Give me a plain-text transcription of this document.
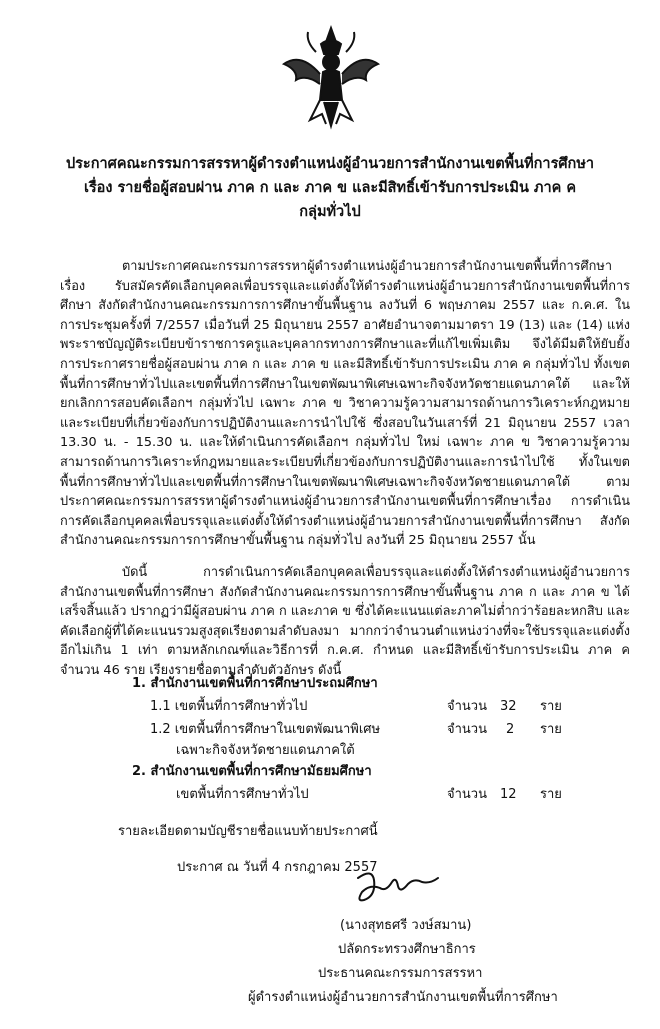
ประกาศคณะกรรมการสรรหาผู้ดำรงตำแหน่งผู้อำนวยการสำนักงานเขตพื้นที่การศึกษา
เรื่อง รายชื่อผู้สอบผ่าน ภาค ก และ ภาค ข และมีสิทธิ์เข้ารับการประเมิน ภาค ค
กลุ่มทั่วไป
ตามประกาศคณะกรรมการสรรหาผู้ดำรงตำแหน่งผู้อำนวยการสำนักงานเขตพื้นที่การศึกษา เรื่อง รับสมัครคัดเลือกบุคคลเพื่อบรรจุและแต่งตั้งให้ดำรงตำแหน่งผู้อำนวยการสำนักงานเขตพื้นที่การศึกษา สังกัดสำนักงานคณะกรรมการการศึกษาขั้นพื้นฐาน ลงวันที่ 6 พฤษภาคม 2557 และ ก.ค.ศ. ในการประชุมครั้งที่ 7/2557 เมื่อวันที่ 25 มิถุนายน 2557 อาศัยอำนาจตามมาตรา 19 (13) และ (14) แห่งพระราชบัญญัติระเบียบข้าราชการครูและบุคลากรทางการศึกษาและที่แก้ไขเพิ่มเติม จึงได้มีมติให้ยับยั้งการประกาศรายชื่อผู้สอบผ่าน ภาค ก และ ภาค ข และมีสิทธิ์เข้ารับการประเมิน ภาค ค กลุ่มทั่วไป ทั้งเขตพื้นที่การศึกษาทั่วไปและเขตพื้นที่การศึกษาในเขตพัฒนาพิเศษเฉพาะกิจจังหวัดชายแดนภาคใต้ และให้ยกเลิกการสอบคัดเลือกฯ กลุ่มทั่วไป เฉพาะ ภาค ข วิชาความรู้ความสามารถด้านการวิเคราะห์กฎหมายและระเบียบที่เกี่ยวข้องกับการปฏิบัติงานและการนำไปใช้ ซึ่งสอบในวันเสาร์ที่ 21 มิถุนายน 2557 เวลา 13.30 น. - 15.30 น. และให้ดำเนินการคัดเลือกฯ กลุ่มทั่วไป ใหม่ เฉพาะ ภาค ข วิชาความรู้ความสามารถด้านการวิเคราะห์กฎหมายและระเบียบที่เกี่ยวข้องกับการปฏิบัติงานและการนำไปใช้ ทั้งในเขตพื้นที่การศึกษาทั่วไปและเขตพื้นที่การศึกษาในเขตพัฒนาพิเศษเฉพาะกิจจังหวัดชายแดนภาคใต้ ตามประกาศคณะกรรมการสรรหาผู้ดำรงตำแหน่งผู้อำนวยการสำนักงานเขตพื้นที่การศึกษาเรื่อง การดำเนินการคัดเลือกบุคคลเพื่อบรรจุและแต่งตั้งให้ดำรงตำแหน่งผู้อำนวยการสำนักงานเขตพื้นที่การศึกษา สังกัดสำนักงานคณะกรรมการการศึกษาขั้นพื้นฐาน กลุ่มทั่วไป ลงวันที่ 25 มิถุนายน 2557 นั้น
บัดนี้ การดำเนินการคัดเลือกบุคคลเพื่อบรรจุและแต่งตั้งให้ดำรงตำแหน่งผู้อำนวยการสำนักงานเขตพื้นที่การศึกษา สังกัดสำนักงานคณะกรรมการการศึกษาขั้นพื้นฐาน ภาค ก และ ภาค ข ได้เสร็จสิ้นแล้ว ปรากฏว่ามีผู้สอบผ่าน ภาค ก และภาค ข ซึ่งได้คะแนนแต่ละภาคไม่ต่ำกว่าร้อยละหกสิบ และคัดเลือกผู้ที่ได้คะแนนรวมสูงสุดเรียงตามลำดับลงมา มากกว่าจำนวนตำแหน่งว่างที่จะใช้บรรจุและแต่งตั้งอีกไม่เกิน 1 เท่า ตามหลักเกณฑ์และวิธีการที่ ก.ค.ศ. กำหนด และมีสิทธิ์เข้ารับการประเมิน ภาค ค จำนวน 46 ราย เรียงรายชื่อตามลำดับตัวอักษร ดังนี้
1. สำนักงานเขตพื้นที่การศึกษาประถมศึกษา
1.1 เขตพื้นที่การศึกษาทั่วไป	จำนวน 32 ราย
1.2 เขตพื้นที่การศึกษาในเขตพัฒนาพิเศษ	จำนวน 2 ราย
เฉพาะกิจจังหวัดชายแดนภาคใต้
2. สำนักงานเขตพื้นที่การศึกษามัธยมศึกษา
เขตพื้นที่การศึกษาทั่วไป	จำนวน 12 ราย
รายละเอียดตามบัญชีรายชื่อแนบท้ายประกาศนี้
ประกาศ ณ วันที่ 4 กรกฎาคม 2557
(นางสุทธศรี วงษ์สมาน)
ปลัดกระทรวงศึกษาธิการ
ประธานคณะกรรมการสรรหา
ผู้ดำรงตำแหน่งผู้อำนวยการสำนักงานเขตพื้นที่การศึกษา
